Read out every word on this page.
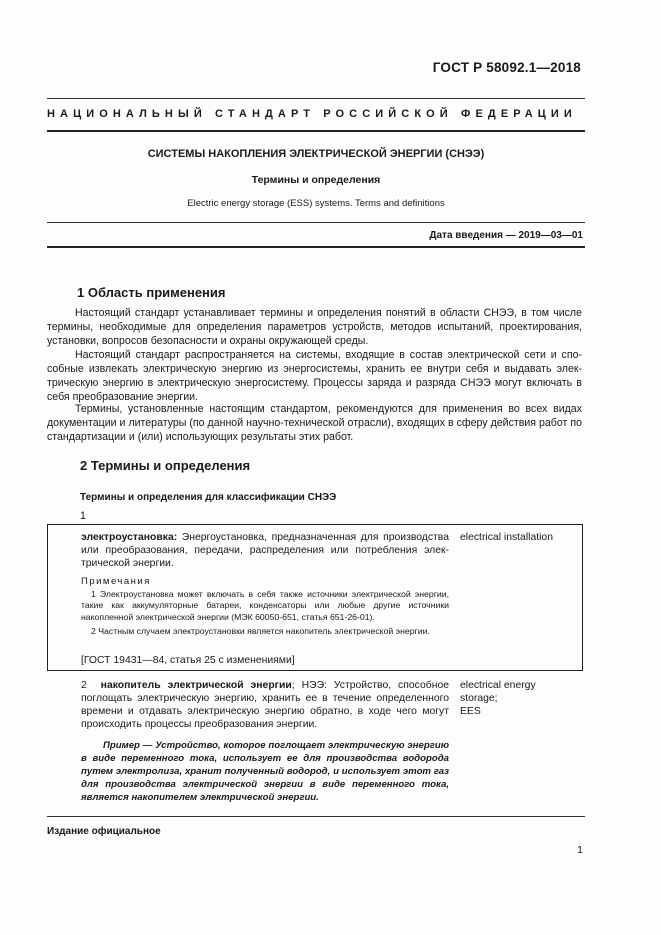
ГОСТ Р 58092.1—2018
НАЦИОНАЛЬНЫЙ СТАНДАРТ РОССИЙСКОЙ ФЕДЕРАЦИИ
СИСТЕМЫ НАКОПЛЕНИЯ ЭЛЕКТРИЧЕСКОЙ ЭНЕРГИИ (СНЭЭ)
Термины и определения
Electric energy storage (ESS) systems. Terms and definitions
Дата введения — 2019—03—01
1 Область применения

Настоящий стандарт устанавливает термины и определения понятий в области СНЭЭ, в том числе термины, необходимые для определения параметров устройств, методов испытаний, проектирования, установки, вопросов безопасности и охраны окружающей среды.

Настоящий стандарт распространяется на системы, входящие в состав электрической сети и способные извлекать электрическую энергию из энергосистемы, хранить ее внутри себя и выдавать электрическую энергию в электрическую энергосистему. Процессы заряда и разряда СНЭЭ могут включать в себя преобразование энергии.

Термины, установленные настоящим стандартом, рекомендуются для применения во всех видах документации и литературы (по данной научно-технической отрасли), входящих в сферу действия работ по стандартизации и (или) использующих результаты этих работ.

2 Термины и определения
Термины и определения для классификации СНЭЭ
1

электроустановка: Энергоустановка, предназначенная для производства или преобразования, передачи, распределения или потребления электрической энергии.

electrical installation
Примечания

1 Электроустановка может включать в себя также источники электрической энергии, такие как аккумуляторные батареи, конденсаторы или любые другие источники накопленной электрической энергии (МЭК 60050-651, статья 651-26-01).

2 Частным случаем электроустановки является накопитель электрической энергии.

[ГОСТ 19431—84, статья 25 с изменениями]

2 накопитель электрической энергии; НЭЭ: Устройство, способное поглощать электрическую энергию, хранить ее в течение определенного времени и отдавать электрическую энергию обратно, в ходе чего могут происходить процессы преобразования энергии.

electrical energy
storage;
EES

Пример — Устройство, которое поглощает электрическую энергию в виде переменного тока, использует ее для производства водорода путем электролиза, хранит полученный водород, и использует этот газ для производства электрической энергии в виде переменного тока, является накопителем электрической энергии.

Издание официальное
1
